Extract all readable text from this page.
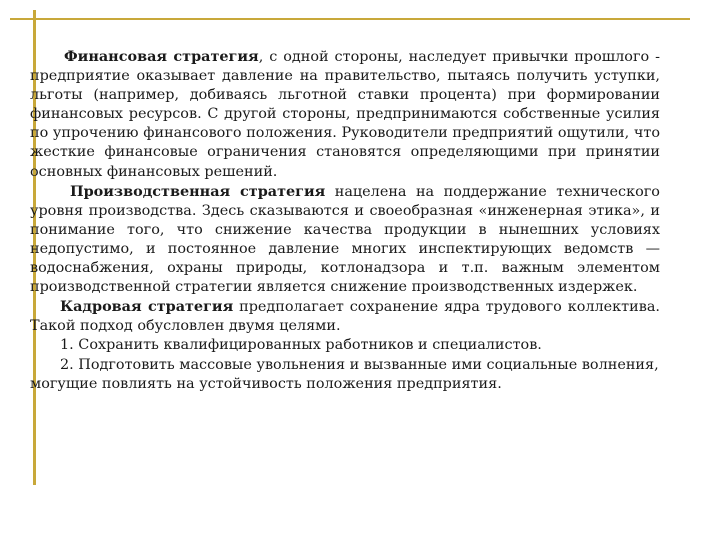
Финансовая стратегия, с одной стороны, наследует привычки прошлого - предприятие оказывает давление на правительство, пытаясь получить уступки, льготы (например, добиваясь льготной ставки процента) при формировании финансовых ресурсов. С другой стороны, предпринимаются собственные усилия по упрочению финансового положения. Руководители предприятий ощутили, что жесткие финансовые ограничения становятся определяющими при принятии основных финансовых решений.

Производственная стратегия нацелена на поддержание технического уровня производства. Здесь сказываются и своеобразная «инженерная этика», и понимание того, что снижение качества продукции в нынешних условиях недопустимо, и постоянное давление многих инспектирующих ведомств — водоснабжения, охраны природы, котлонадзора и т.п. важным элементом производственной стратегии является снижение производственных издержек.

Кадровая стратегия предполагает сохранение ядра трудового коллектива. Такой подход обусловлен двумя целями.

1. Сохранить квалифицированных работников и специалистов.

2. Подготовить массовые увольнения и вызванные ими социальные волнения, могущие повлиять на устойчивость положения предприятия.
